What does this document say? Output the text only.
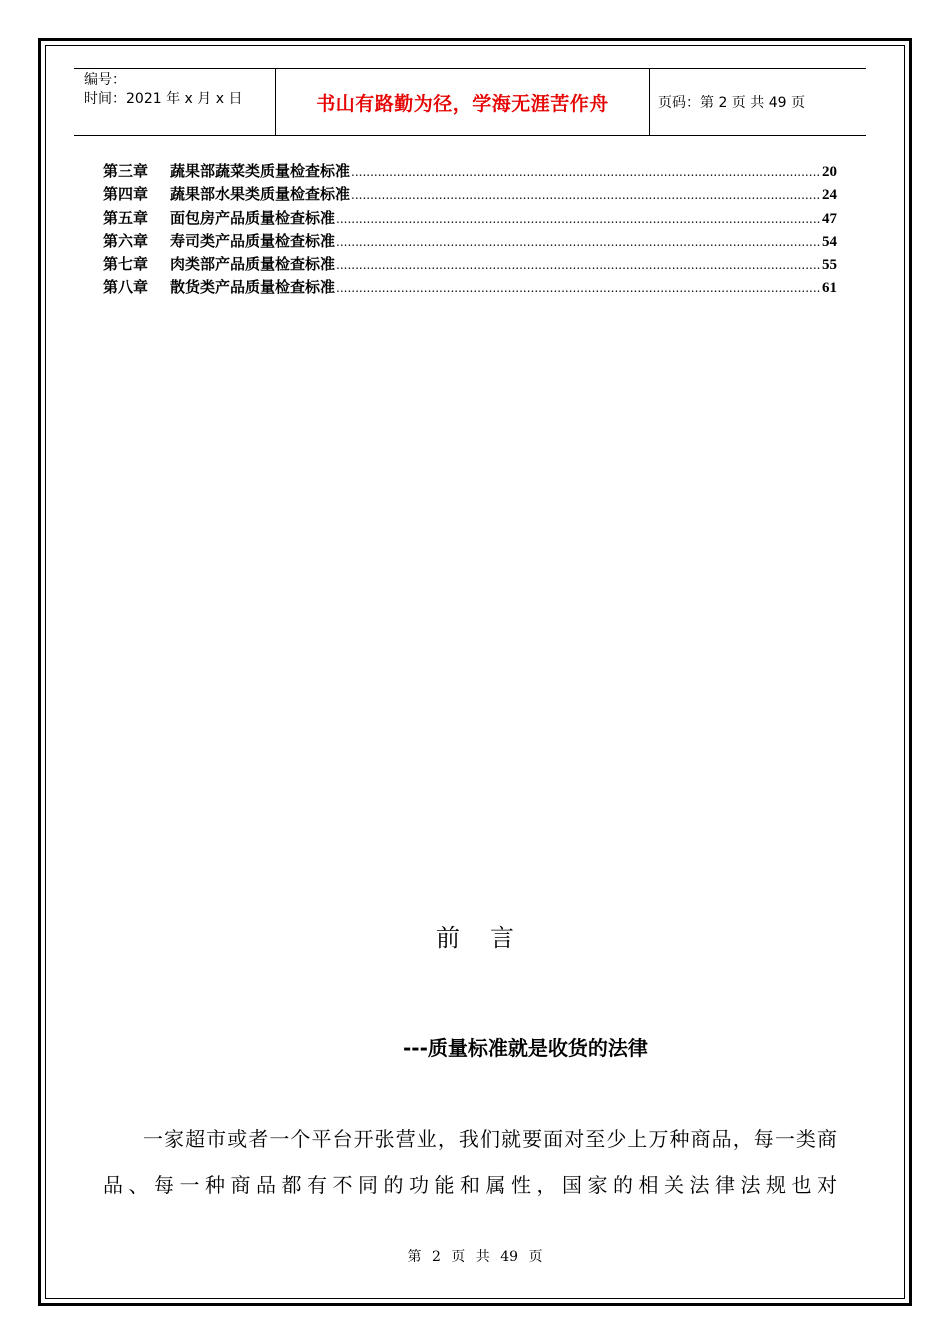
编号：
时间：2021 年 x 月 x 日	书山有路勤为径，学海无涯苦作舟	页码：第 2 页 共 49 页
第三章	蔬果部蔬菜类质量检查标准 .....	20
第四章	蔬果部水果类质量检查标准 .....	24
第五章	面包房产品质量检查标准 .....	47
第六章	寿司类产品质量检查标准 .....	54
第七章	肉类部产品质量检查标准 .....	55
第八章	散货类产品质量检查标准 .....	61
前言
---质量标准就是收货的法律

一家超市或者一个平台开张营业，我们就要面对至少上万种商品，每一类商品、每一种商品都有不同的功能和属性，国家的相关法律法规也对

第 2 页 共 49 页
